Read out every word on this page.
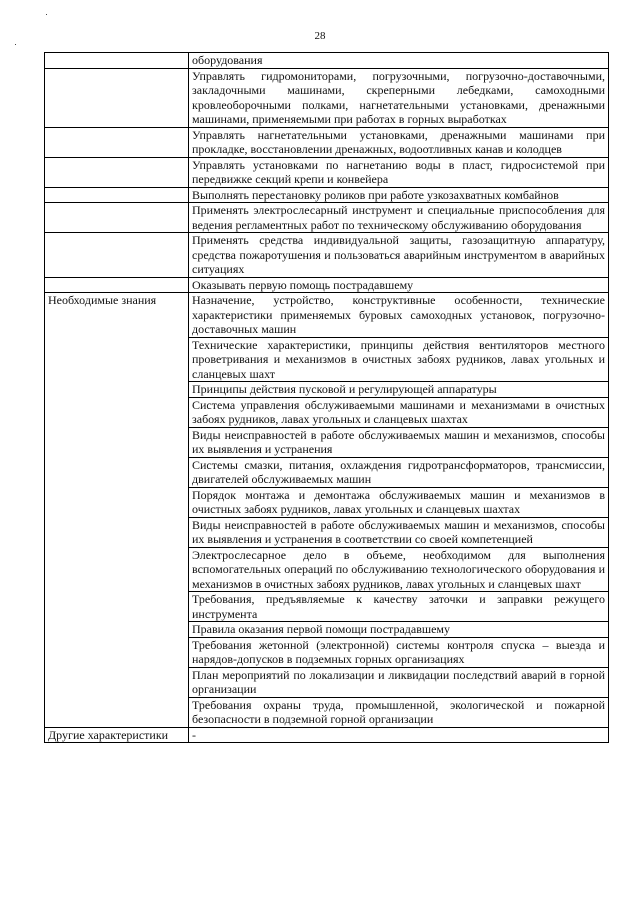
28
	оборудования
	Управлять гидромониторами, погрузочными, погрузочно-доставочными, закладочными машинами, скреперными лебедками, самоходными кровлеоборочными полками, нагнетательными установками, дренажными машинами, применяемыми при работах в горных выработках
	Управлять нагнетательными установками, дренажными машинами при прокладке, восстановлении дренажных, водоотливных канав и колодцев
	Управлять установками по нагнетанию воды в пласт, гидросистемой при передвижке секций крепи и конвейера
	Выполнять перестановку роликов при работе узкозахватных комбайнов
	Применять электрослесарный инструмент и специальные приспособления для ведения регламентных работ по техническому обслуживанию оборудования
	Применять средства индивидуальной защиты, газозащитную аппаратуру, средства пожаротушения и пользоваться аварийным инструментом в аварийных ситуациях
	Оказывать первую помощь пострадавшему
Необходимые знания	Назначение, устройство, конструктивные особенности, технические характеристики применяемых буровых самоходных установок, погрузочно-доставочных машин
	Технические характеристики, принципы действия вентиляторов местного проветривания и механизмов в очистных забоях рудников, лавах угольных и сланцевых шахт
	Принципы действия пусковой и регулирующей аппаратуры
	Система управления обслуживаемыми машинами и механизмами в очистных забоях рудников, лавах угольных и сланцевых шахтах
	Виды неисправностей в работе обслуживаемых машин и механизмов, способы их выявления и устранения
	Системы смазки, питания, охлаждения гидротрансформаторов, трансмиссии, двигателей обслуживаемых машин
	Порядок монтажа и демонтажа обслуживаемых машин и механизмов в очистных забоях рудников, лавах угольных и сланцевых шахтах
	Виды неисправностей в работе обслуживаемых машин и механизмов, способы их выявления и устранения в соответствии со своей компетенцией
	Электрослесарное дело в объеме, необходимом для выполнения вспомогательных операций по обслуживанию технологического оборудования и механизмов в очистных забоях рудников, лавах угольных и сланцевых шахт
	Требования, предъявляемые к качеству заточки и заправки режущего инструмента
	Правила оказания первой помощи пострадавшему
	Требования жетонной (электронной) системы контроля спуска – выезда и нарядов-допусков в подземных горных организациях
	План мероприятий по локализации и ликвидации последствий аварий в горной организации
	Требования охраны труда, промышленной, экологической и пожарной безопасности в подземной горной организации
Другие характеристики	-
